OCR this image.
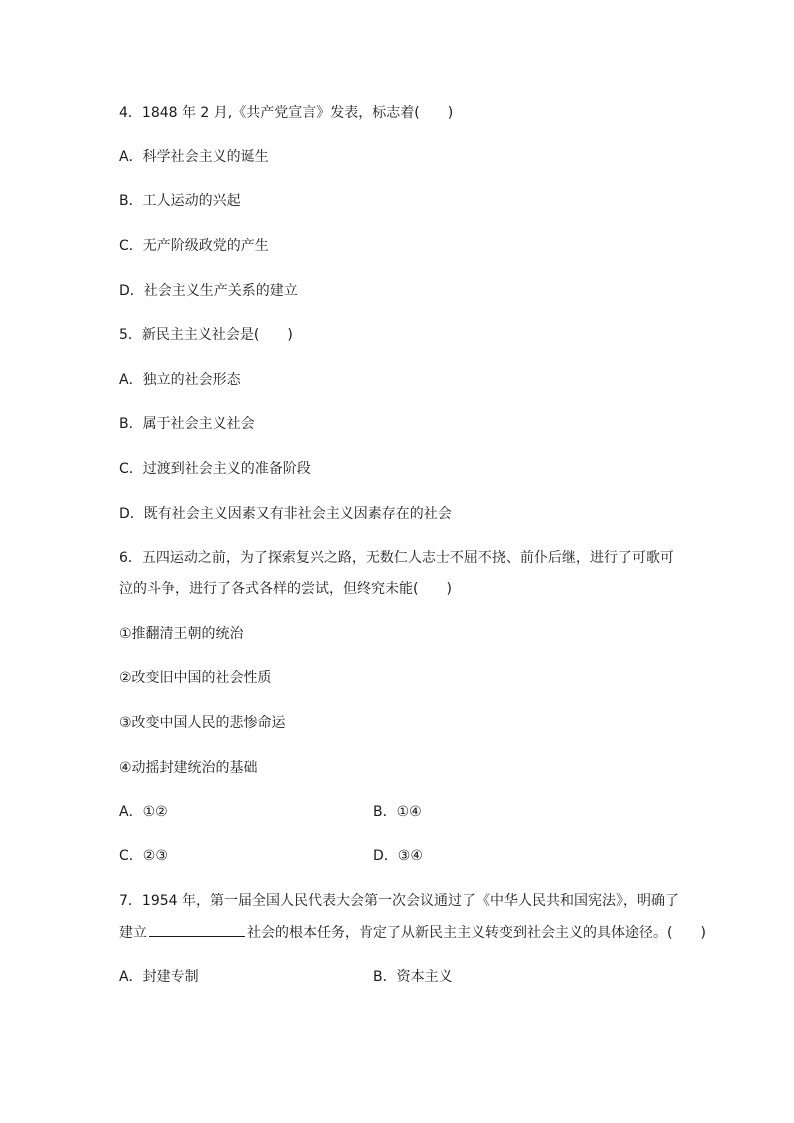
4．1848 年 2 月,《共产党宣言》发表，标志着(　　)
A．科学社会主义的诞生
B．工人运动的兴起
C．无产阶级政党的产生
D．社会主义生产关系的建立
5．新民主主义社会是(　　)
A．独立的社会形态
B．属于社会主义社会
C．过渡到社会主义的准备阶段
D．既有社会主义因素又有非社会主义因素存在的社会
6．五四运动之前，为了探索复兴之路，无数仁人志士不屈不挠、前仆后继，进行了可歌可
泣的斗争，进行了各式各样的尝试，但终究未能(　　)
①推翻清王朝的统治
②改变旧中国的社会性质
③改变中国人民的悲惨命运
④动摇封建统治的基础
A．①②	B．①④
C．②③	D．③④
7．1954 年，第一届全国人民代表大会第一次会议通过了《中华人民共和国宪法》，明确了
建立	社会的根本任务，肯定了从新民主主义转变到社会主义的具体途径。(　　)
A．封建专制	B．资本主义
